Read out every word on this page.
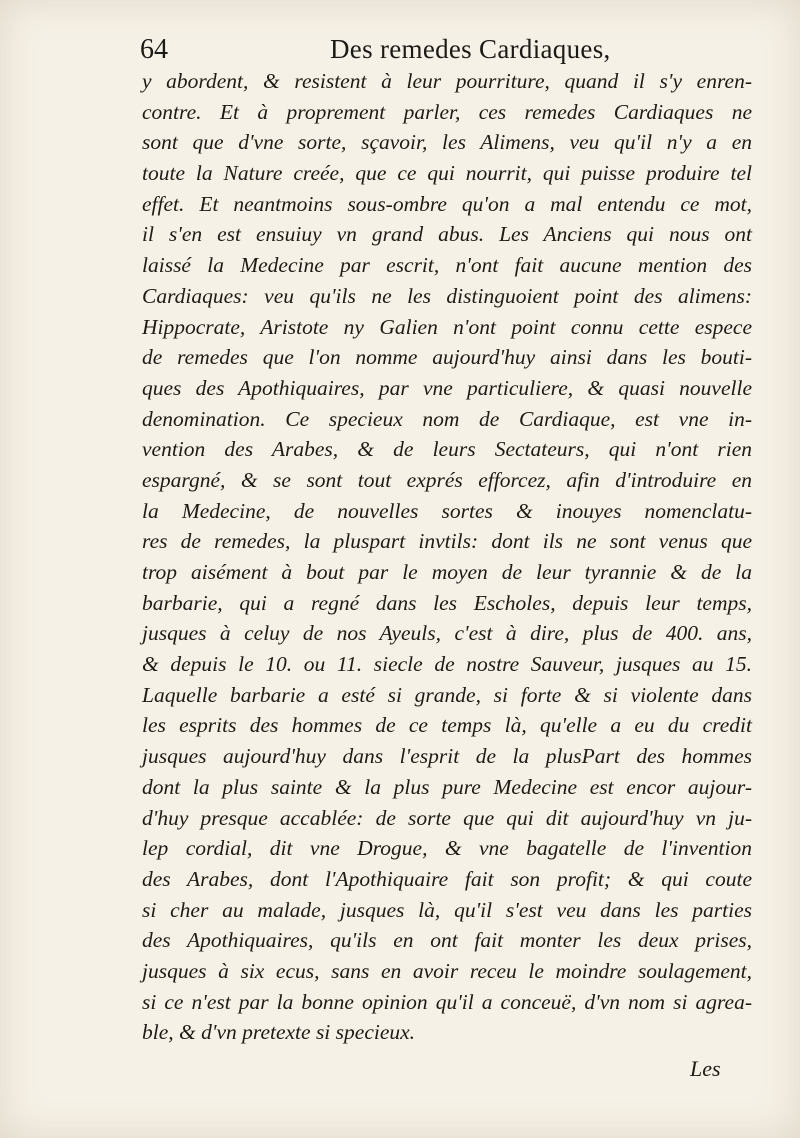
64	Des remedes Cardiaques,
y abordent, & resistent à leur pourriture, quand il s'y enren-
contre. Et à proprement parler, ces remedes Cardiaques ne
sont que d'vne sorte, sçavoir, les Alimens, veu qu'il n'y a en
toute la Nature creée, que ce qui nourrit, qui puisse produire tel
effet. Et neantmoins sous-ombre qu'on a mal entendu ce mot,
il s'en est ensuiuy vn grand abus. Les Anciens qui nous ont
laissé la Medecine par escrit, n'ont fait aucune mention des
Cardiaques: veu qu'ils ne les distinguoient point des alimens:
Hippocrate, Aristote ny Galien n'ont point connu cette espece
de remedes que l'on nomme aujourd'huy ainsi dans les bouti-
ques des Apothiquaires, par vne particuliere, & quasi nouvelle
denomination. Ce specieux nom de Cardiaque, est vne in-
vention des Arabes, & de leurs Sectateurs, qui n'ont rien
espargné, & se sont tout exprés efforcez, afin d'introduire en
la Medecine, de nouvelles sortes & inouyes nomenclatu-
res de remedes, la pluspart invtils: dont ils ne sont venus que
trop aisément à bout par le moyen de leur tyrannie & de la
barbarie, qui a regné dans les Escholes, depuis leur temps,
jusques à celuy de nos Ayeuls, c'est à dire, plus de 400. ans,
& depuis le 10. ou 11. siecle de nostre Sauveur, jusques au 15.
Laquelle barbarie a esté si grande, si forte & si violente dans
les esprits des hommes de ce temps là, qu'elle a eu du credit
jusques aujourd'huy dans l'esprit de la plusPart des hommes
dont la plus sainte & la plus pure Medecine est encor aujour-
d'huy presque accablée: de sorte que qui dit aujourd'huy vn ju-
lep cordial, dit vne Drogue, & vne bagatelle de l'invention
des Arabes, dont l'Apothiquaire fait son profit; & qui coute
si cher au malade, jusques là, qu'il s'est veu dans les parties
des Apothiquaires, qu'ils en ont fait monter les deux prises,
jusques à six ecus, sans en avoir receu le moindre soulagement,
si ce n'est par la bonne opinion qu'il a conceuë, d'vn nom si agrea-
ble, & d'vn pretexte si specieux.
Les
